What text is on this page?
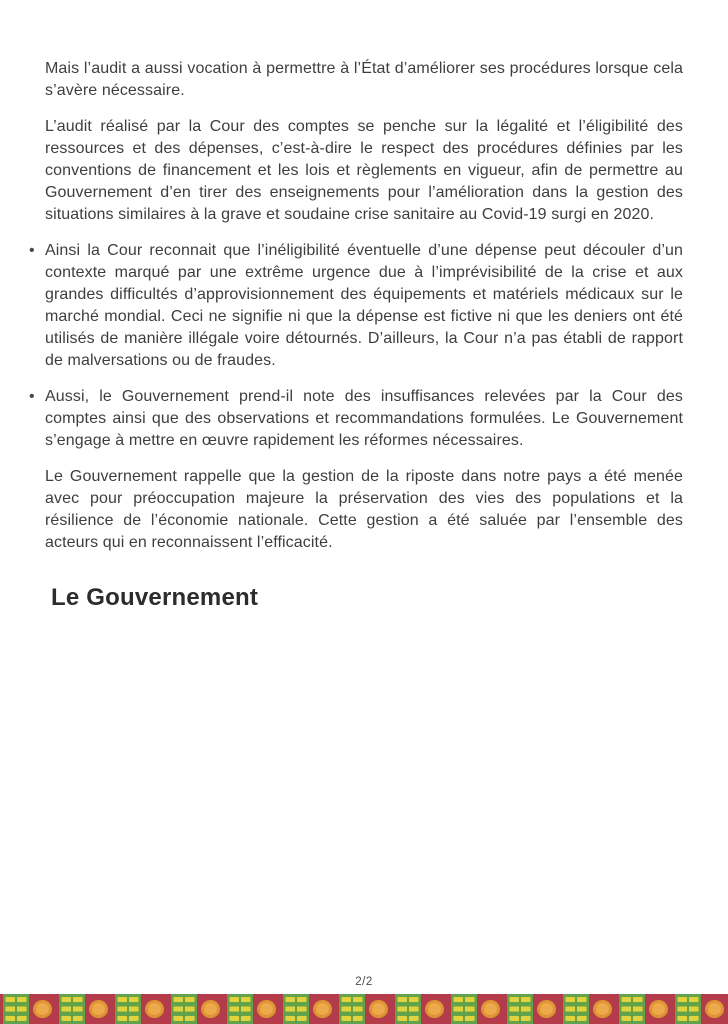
Mais l’audit a aussi vocation à permettre à l’État d’améliorer ses procédures lorsque cela s’avère nécessaire.

L’audit réalisé par la Cour des comptes se penche sur la légalité et l’éligibilité des ressources et des dépenses, c’est-à-dire le respect des procédures définies par les conventions de financement et les lois et règlements en vigueur, afin de permettre au Gouvernement d’en tirer des enseignements pour l’amélioration dans la gestion des situations similaires à la grave et soudaine crise sanitaire au Covid-19 surgi en 2020.

• Ainsi la Cour reconnait que l’inéligibilité éventuelle d’une dépense peut découler d’un contexte marqué par une extrême urgence due à l’imprévisibilité de la crise et aux grandes difficultés d’approvisionnement des équipements et matériels médicaux sur le marché mondial. Ceci ne signifie ni que la dépense est fictive ni que les deniers ont été utilisés de manière illégale voire détournés. D’ailleurs, la Cour n’a pas établi de rapport de malversations ou de fraudes.

• Aussi, le Gouvernement prend-il note des insuffisances relevées par la Cour des comptes ainsi que des observations et recommandations formulées. Le Gouvernement s’engage à mettre en œuvre rapidement les réformes nécessaires.

Le Gouvernement rappelle que la gestion de la riposte dans notre pays a été menée avec pour préoccupation majeure la préservation des vies des populations et la résilience de l’économie nationale. Cette gestion a été saluée par l’ensemble des acteurs qui en reconnaissent l’efficacité.

Le Gouvernement
2/2
